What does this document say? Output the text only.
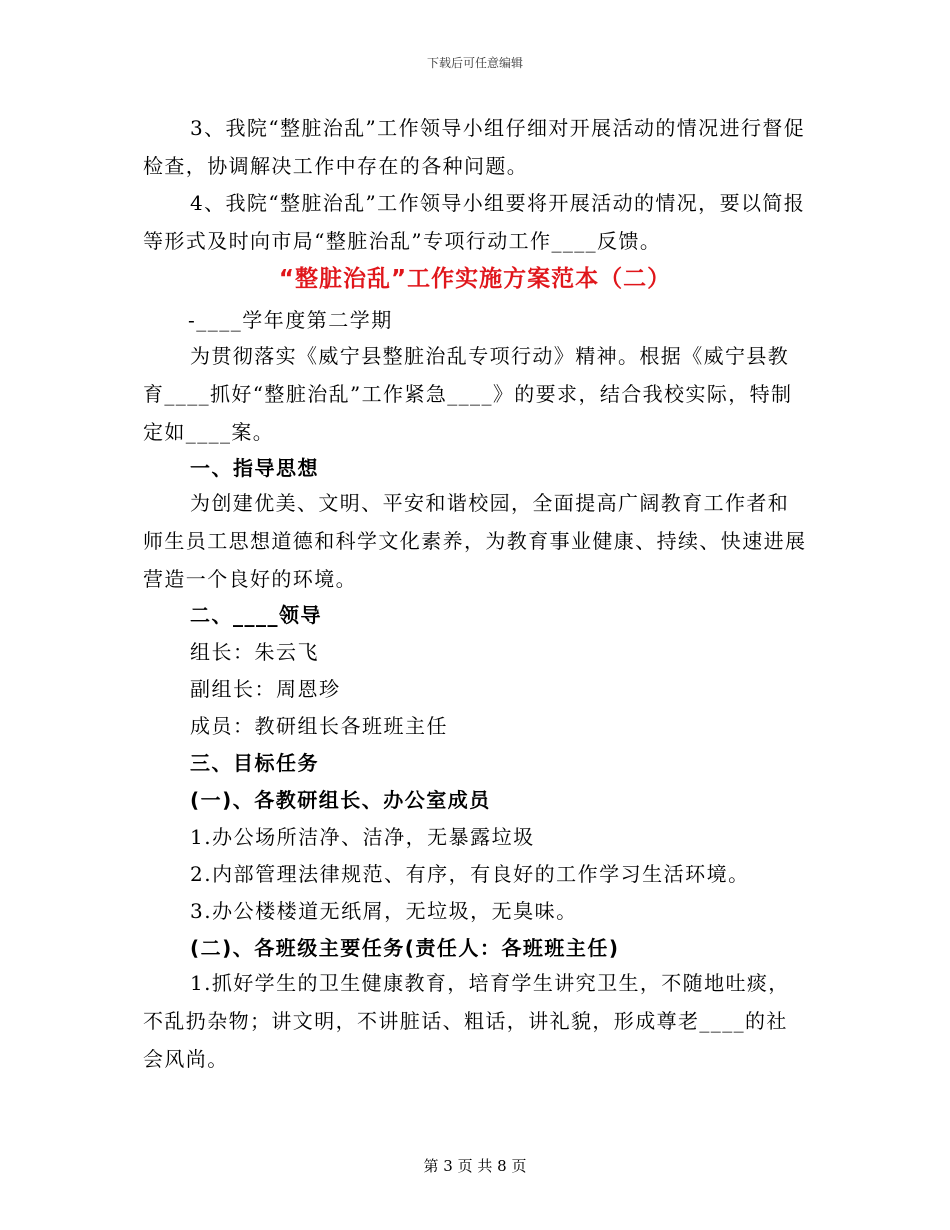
下载后可任意编辑
3、我院“整脏治乱”工作领导小组仔细对开展活动的情况进行督促检查，协调解决工作中存在的各种问题。
4、我院“整脏治乱”工作领导小组要将开展活动的情况，要以简报等形式及时向市局“整脏治乱”专项行动工作____反馈。
“整脏治乱”工作实施方案范本（二）
-____学年度第二学期
为贯彻落实《威宁县整脏治乱专项行动》精神。根据《威宁县教育____抓好“整脏治乱”工作紧急____》的要求，结合我校实际，特制定如____案。
一、指导思想
为创建优美、文明、平安和谐校园，全面提高广阔教育工作者和师生员工思想道德和科学文化素养，为教育事业健康、持续、快速进展营造一个良好的环境。
二、____领导
组长：朱云飞
副组长：周恩珍
成员：教研组长各班班主任
三、目标任务
(一)、各教研组长、办公室成员
1.办公场所洁净、洁净，无暴露垃圾
2.内部管理法律规范、有序，有良好的工作学习生活环境。
3.办公楼楼道无纸屑，无垃圾，无臭味。
(二)、各班级主要任务(责任人：各班班主任)
1.抓好学生的卫生健康教育，培育学生讲究卫生，不随地吐痰，不乱扔杂物；讲文明，不讲脏话、粗话，讲礼貌，形成尊老____的社会风尚。
第 3 页 共 8 页
